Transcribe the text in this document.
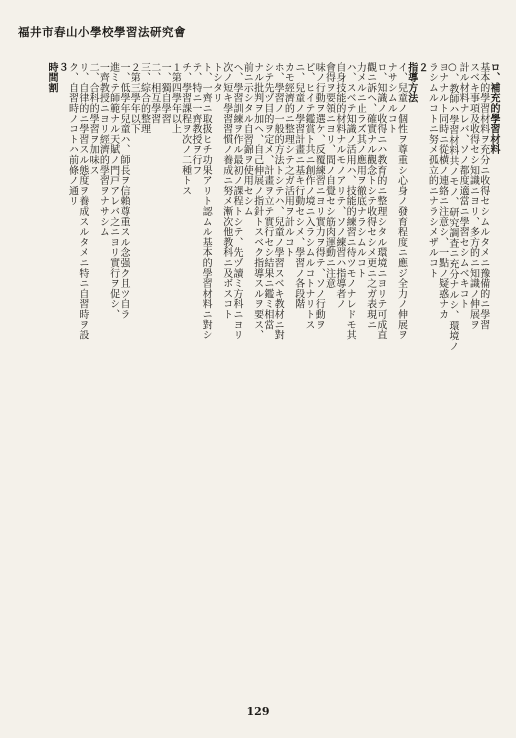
福井市春山小學校學習法研究會
ロ、補充的學習材料
基本的學習材料ヲ充分ニ收得セシムルタメニ豫備的ニ學習
スベキ事項及收得セシ知識ニヨリ、多方的ニ知識ノ伸展ヲ
計ル材料ナレバ、ソノ都度適當ニ學習セシムベキコト
○、教師ハ學習材料共ノモノ、研究調査ニ充分ナルシ、環境ノ
ヨナナルト同時ニ從横ノ連絡ニ注意シ、一點ノ疑惑ナカ
ラシムルコトニ努メ孤立的ニナラシメザルコト
２
指導方法
イ、兒童ノ個性ヲ尊重シ心身ノ發育程度ニ應ジ全力ノ伸展ヲ
ナサシムルコト
ロ、知識ノ收得ニハ教育的ニ整理シタル環境ニヨリテ可成直
觀ニ訴ヘ、確實ナル觀念トシテ收得セシメ更ニ之ガ表現ニ
力メルニ止ラズ其ノ應用ヲ徹底ナラシムルコト
ハ、スベテ知識ノ活用ハ、技能的練習ニ待ツモノナレドモ其
自身技能的材料ナルモノアリテ、ソノ練習ハ指導者ノ
會得ヲ要領ニヨリ、間ノ自覺セシ筋肉運動ニ注意
味ノ行動ヲ選ケ、反覆練習ニヨリ實力ヲ得テ、ソノ行動ヲ
ピ、ヒイテ鑑賞ト共ニ創作ノ境ニ入ラシムルコトナリトス
ニ、兒童ノ學習計畫ニ基キ行動セシメ、學習ノ各段階
カモ經濟的ニ整理シテ之ガ活用ヲ計ルコト
ホ、學習ノ一般的方法トシテハ、兒童ノ學習スベキ教材ニ對
シテ先ヅ目的ヲ定メ、計畫ヲ立テ實行セシ結果ニ鑑ミ相當
ナル批判ヲ加ヘ、自己伸展ノ指針トスベク指導スルヲ要ス、
前ニ示シタル自習錦ヲ使用セシム
ヘ、學習訓練ヲ作ル最初ノ課程トシテ、先ヅ讀ミ方科ニヨリ
次ノ短キ學習習慣ノ養成ニ努メ漸次他教科ニ及ボスコト
トシタリ
ト、一齊ニ取扱ヒチ功果アリト認ムル基本的學習材料ニ對シ
テ、特ニ一齊教授ヲ行フ
チ、學習課程ヲ次ノ二種トス
１第四學年以上
一、獨自學習
二、相互學習
三、綜合的整理
２第三學年以下
一、低學年兒童ハ、師長ヲ信賴尊重スル念强ク且ツ自ラ
進ミテ師範ナル天賦ノ門戸アレバ之ニヨリ實行ヲ促シ、
一齊教授ニヨリ經濟的學習ヲナサシム
二、合科的學習ヲ加味ス
リ、自律的ニ學習スル態度ヲ養成スルタメニ特ニ自習時ヲ設
ク、自習時ノコトハ前條ノ通リ
３
時間割
129
